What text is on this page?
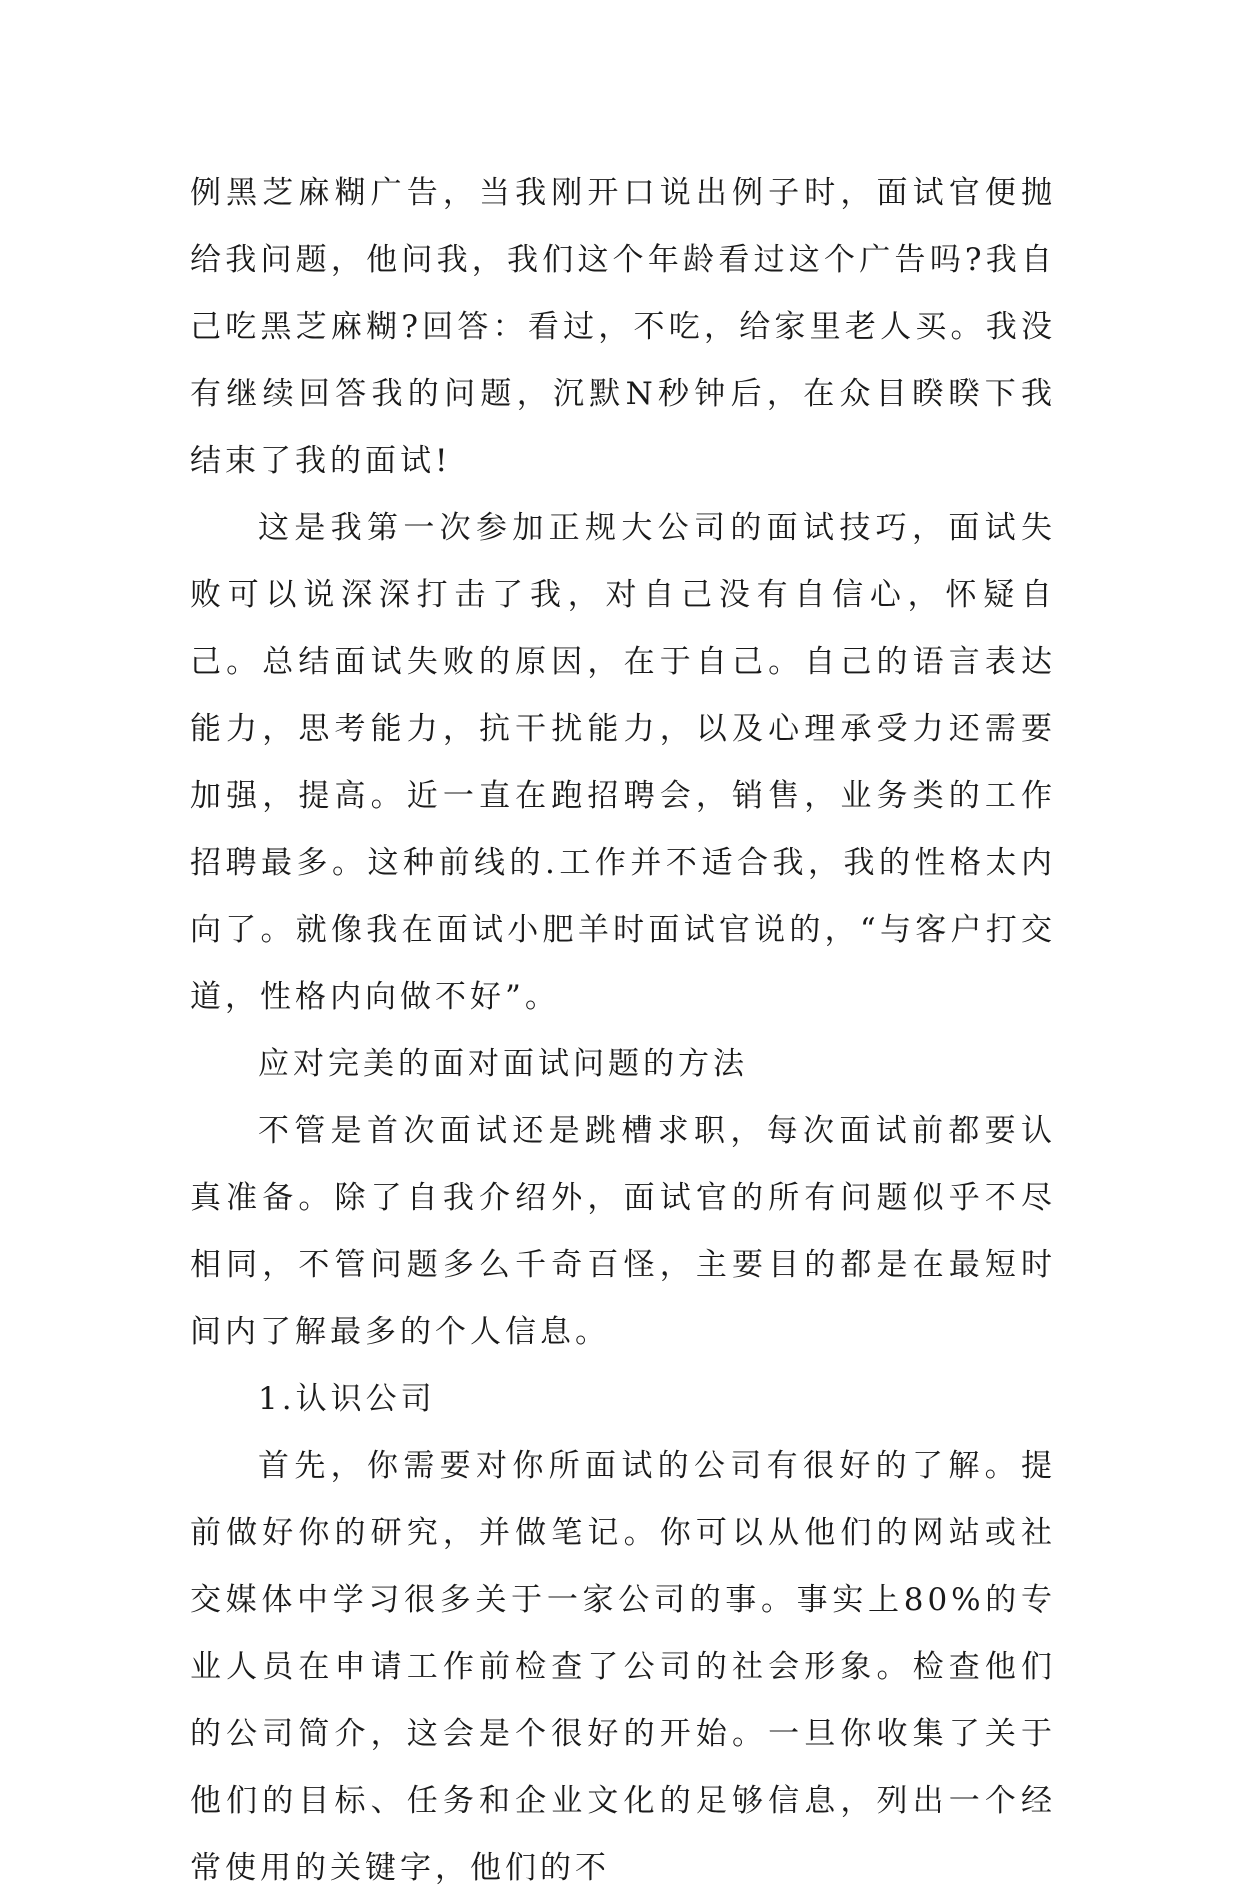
例黑芝麻糊广告，当我刚开口说出例子时，面试官便抛给我问题，他问我，我们这个年龄看过这个广告吗?我自己吃黑芝麻糊?回答：看过，不吃，给家里老人买。我没有继续回答我的问题，沉默N秒钟后，在众目睽睽下我结束了我的面试!

这是我第一次参加正规大公司的面试技巧，面试失败可以说深深打击了我，对自己没有自信心，怀疑自己。总结面试失败的原因，在于自己。自己的语言表达能力，思考能力，抗干扰能力，以及心理承受力还需要加强，提高。近一直在跑招聘会，销售，业务类的工作招聘最多。这种前线的.工作并不适合我，我的性格太内向了。就像我在面试小肥羊时面试官说的，“与客户打交道，性格内向做不好”。

应对完美的面对面试问题的方法

不管是首次面试还是跳槽求职，每次面试前都要认真准备。除了自我介绍外，面试官的所有问题似乎不尽相同，不管问题多么千奇百怪，主要目的都是在最短时间内了解最多的个人信息。

1.认识公司

首先，你需要对你所面试的公司有很好的了解。提前做好你的研究，并做笔记。你可以从他们的网站或社交媒体中学习很多关于一家公司的事。事实上80%的专业人员在申请工作前检查了公司的社会形象。检查他们的公司简介，这会是个很好的开始。一旦你收集了关于他们的目标、任务和企业文化的足够信息，列出一个经常使用的关键字，他们的不
